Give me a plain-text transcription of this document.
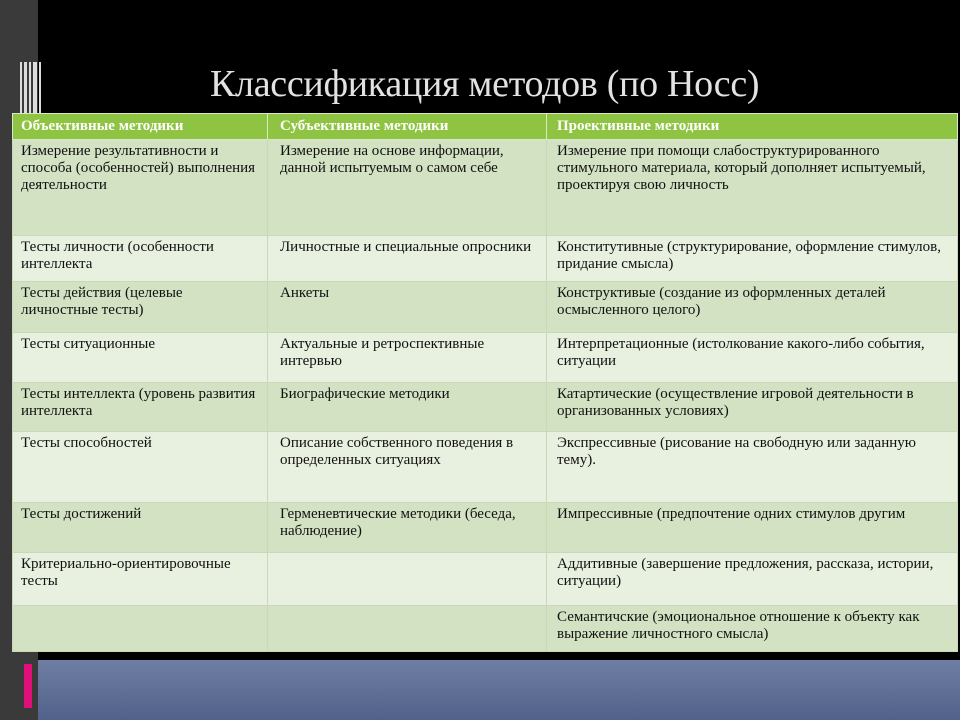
Классификация методов (по Носс)
Объективные методики	Субъективные методики	Проективные методики
Измерение результативности и способа (особенностей) выполнения деятельности	Измерение на основе информации, данной испытуемым о самом себе	Измерение при помощи слабоструктурированного стимульного материала, который дополняет испытуемый, проектируя свою личность
Тесты личности (особенности интеллекта	Личностные и специальные опросники	Конститутивные (структурирование, оформление стимулов, придание смысла)
Тесты действия (целевые личностные тесты)	Анкеты	Конструктивые (создание из оформленных деталей осмысленного целого)
Тесты ситуационные	Актуальные и ретроспективные интервью	Интерпретационные (истолкование какого-либо события, ситуации
Тесты интеллекта (уровень развития интеллекта	Биографические методики	Катартические (осуществление игровой деятельности в организованных условиях)
Тесты способностей	Описание собственного поведения в определенных ситуациях	Экспрессивные (рисование на свободную или заданную тему).
Тесты достижений	Герменевтические методики (беседа, наблюдение)	Импрессивные (предпочтение одних стимулов другим
Критериально-ориентировочные тесты		Аддитивные (завершение предложения, рассказа, истории, ситуации)
		Семантичские (эмоциональное отношение к объекту как выражение личностного смысла)
